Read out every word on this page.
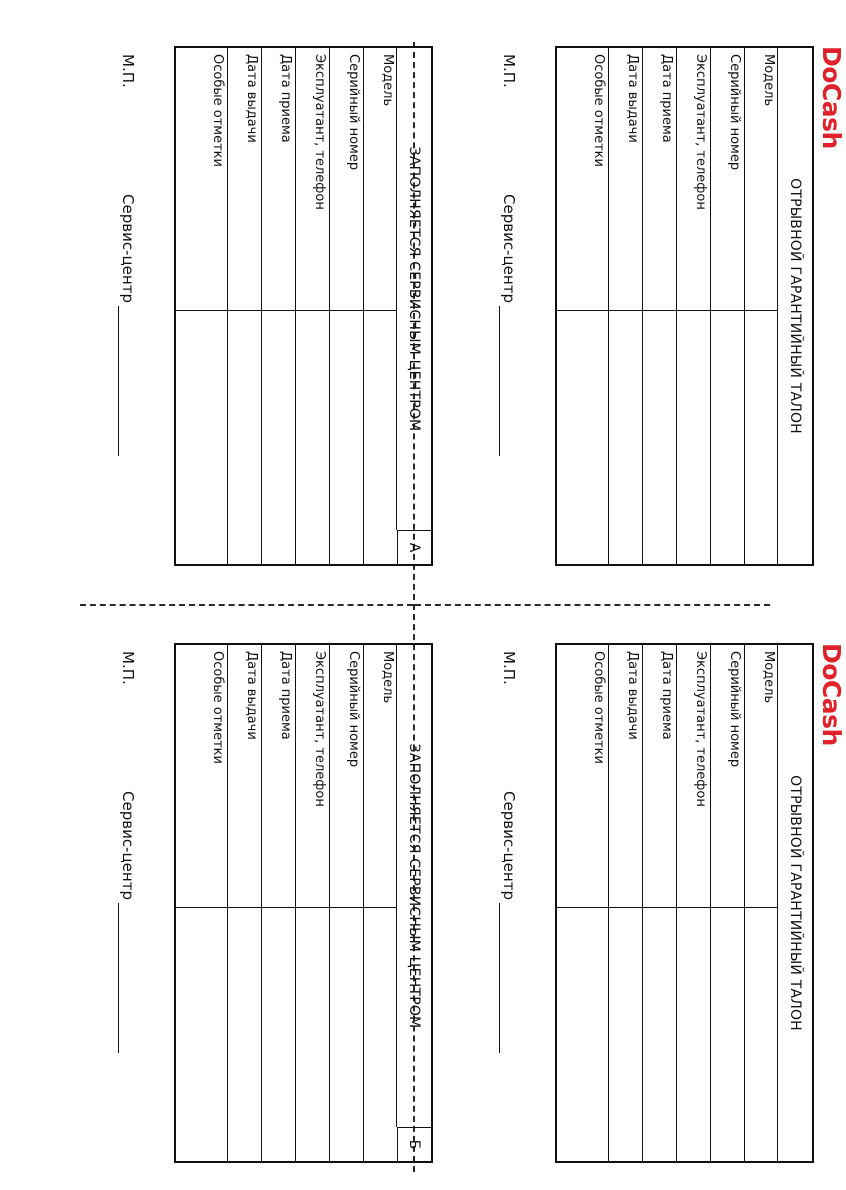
DoCash
ОТРЫВНОЙ ГАРАНТИЙНЫЙ ТАЛОН
Модель
Серийный номер
Эксплуатант, телефон
Дата приема
Дата выдачи
Особые отметки
М.П.
Сервис-центр
ЗАПОЛНЯЕТСЯ СЕРВИСНЫМ ЦЕНТРОМ
А
Модель
Серийный номер
Эксплуатант, телефон
Дата приема
Дата выдачи
Особые отметки
М.П.
Сервис-центр
DoCash
ОТРЫВНОЙ ГАРАНТИЙНЫЙ ТАЛОН
Модель
Серийный номер
Эксплуатант, телефон
Дата приема
Дата выдачи
Особые отметки
М.П.
Сервис-центр
ЗАПОЛНЯЕТСЯ СЕРВИСНЫМ ЦЕНТРОМ
Б
Модель
Серийный номер
Эксплуатант, телефон
Дата приема
Дата выдачи
Особые отметки
М.П.
Сервис-центр
